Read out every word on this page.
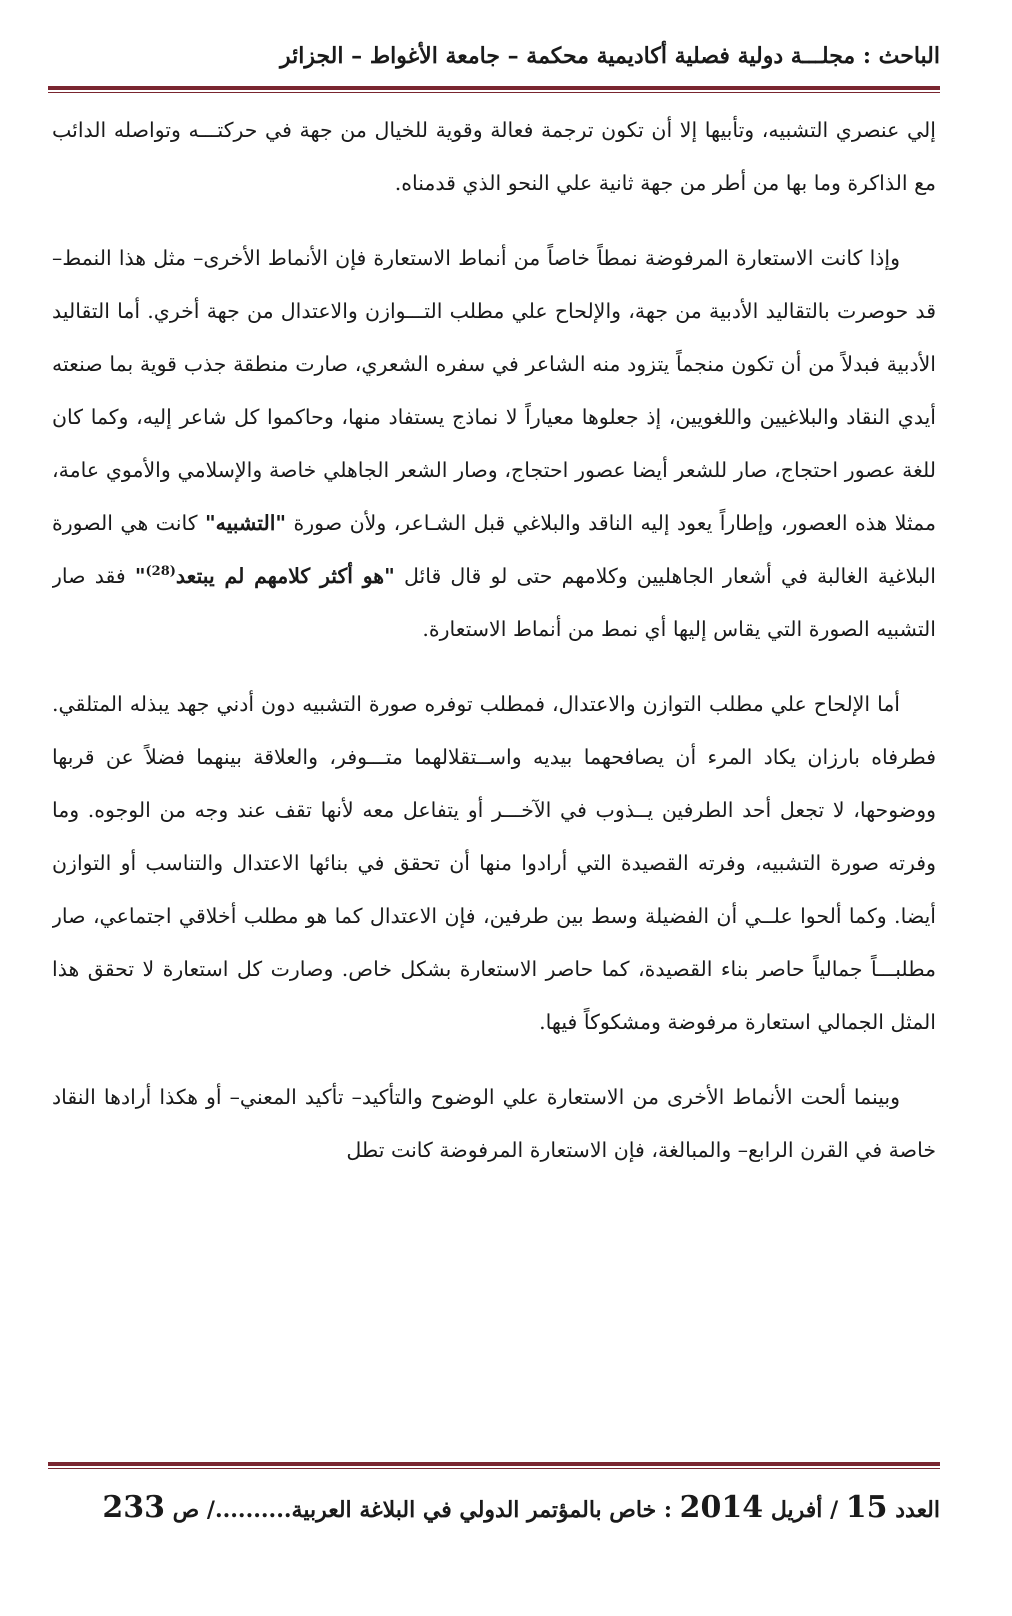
الباحث : مجلـــة دولية فصلية أكاديمية محكمة – جامعة الأغواط – الجزائر

إلي عنصري التشبيه، وتأبيها إلا أن تكون ترجمة فعالة وقوية للخيال من جهة في حركتـــه وتواصله الدائب مع الذاكرة وما بها من أطر من جهة ثانية علي النحو الذي قدمناه.

وإذا كانت الاستعارة المرفوضة نمطاً خاصاً من أنماط الاستعارة فإن الأنماط الأخرى– مثل هذا النمط– قد حوصرت بالتقاليد الأدبية من جهة، والإلحاح علي مطلب التـــوازن والاعتدال من جهة أخري. أما التقاليد الأدبية فبدلاً من أن تكون منجماً يتزود منه الشاعر في سفره الشعري، صارت منطقة جذب قوية بما صنعته أيدي النقاد والبلاغيين واللغويين، إذ جعلوها معياراً لا نماذج يستفاد منها، وحاكموا كل شاعر إليه، وكما كان للغة عصور احتجاج، صار للشعر أيضا عصور احتجاج، وصار الشعر الجاهلي خاصة والإسلامي والأموي عامة، ممثلا هذه العصور، وإطاراً يعود إليه الناقد والبلاغي قبل الشـاعر، ولأن صورة "التشبيه" كانت هي الصورة البلاغية الغالبة في أشعار الجاهليين وكلامهم حتى لو قال قائل "هو أكثر كلامهم لم يبتعد$^{(28)}$" فقد صار التشبيه الصورة التي يقاس إليها أي نمط من أنماط الاستعارة.

أما الإلحاح علي مطلب التوازن والاعتدال، فمطلب توفره صورة التشبيه دون أدني جهد يبذله المتلقي. فطرفاه بارزان يكاد المرء أن يصافحهما بيديه واســتقلالهما متـــوفر، والعلاقة بينهما فضلاً عن قربها ووضوحها، لا تجعل أحد الطرفين يــذوب في الآخـــر أو يتفاعل معه لأنها تقف عند وجه من الوجوه. وما وفرته صورة التشبيه، وفرته القصيدة التي أرادوا منها أن تحقق في بنائها الاعتدال والتناسب أو التوازن أيضا. وكما ألحوا علــي أن الفضيلة وسط بين طرفين، فإن الاعتدال كما هو مطلب أخلاقي اجتماعي، صار مطلبـــاً جمالياً حاصر بناء القصيدة، كما حاصر الاستعارة بشكل خاص. وصارت كل استعارة لا تحقق هذا المثل الجمالي استعارة مرفوضة ومشكوكاً فيها.

وبينما ألحت الأنماط الأخرى من الاستعارة علي الوضوح والتأكيد– تأكيد المعني– أو هكذا أرادها النقاد خاصة في القرن الرابع– والمبالغة، فإن الاستعارة المرفوضة كانت تطل

العدد 15 / أفريل 2014 : خاص بالمؤتمر الدولي في البلاغة العربية........../ ص 233
